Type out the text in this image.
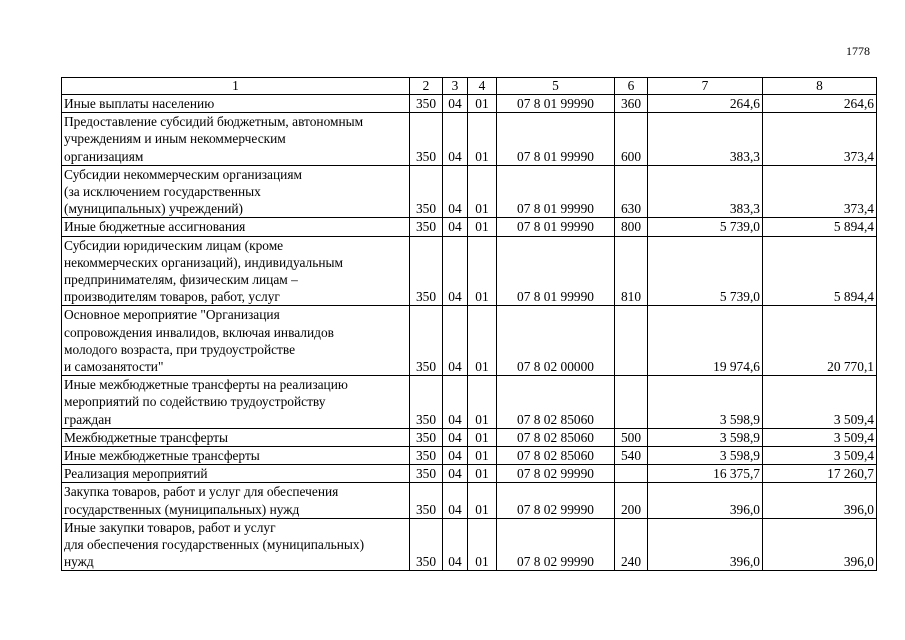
1778
1	2	3	4	5	6	7	8

Иные выплаты населению	350	04	01	07 8 01 99990	360	264,6	264,6

Предоставление субсидий бюджетным, автономным
учреждениям и иным некоммерческим
организациям	350	04	01	07 8 01 99990	600	383,3	373,4

Субсидии некоммерческим организациям
(за исключением государственных
(муниципальных) учреждений)	350	04	01	07 8 01 99990	630	383,3	373,4

Иные бюджетные ассигнования	350	04	01	07 8 01 99990	800	5 739,0	5 894,4

Субсидии юридическим лицам (кроме
некоммерческих организаций), индивидуальным
предпринимателям, физическим лицам –
производителям товаров, работ, услуг	350	04	01	07 8 01 99990	810	5 739,0	5 894,4

Основное мероприятие "Организация
сопровождения инвалидов, включая инвалидов
молодого возраста, при трудоустройстве
и самозанятости"	350	04	01	07 8 02 00000		19 974,6	20 770,1

Иные межбюджетные трансферты на реализацию
мероприятий по содействию трудоустройству
граждан	350	04	01	07 8 02 85060		3 598,9	3 509,4

Межбюджетные трансферты	350	04	01	07 8 02 85060	500	3 598,9	3 509,4

Иные межбюджетные трансферты	350	04	01	07 8 02 85060	540	3 598,9	3 509,4

Реализация мероприятий	350	04	01	07 8 02 99990		16 375,7	17 260,7

Закупка товаров, работ и услуг для обеспечения
государственных (муниципальных) нужд	350	04	01	07 8 02 99990	200	396,0	396,0

Иные закупки товаров, работ и услуг
для обеспечения государственных (муниципальных)
нужд	350	04	01	07 8 02 99990	240	396,0	396,0
